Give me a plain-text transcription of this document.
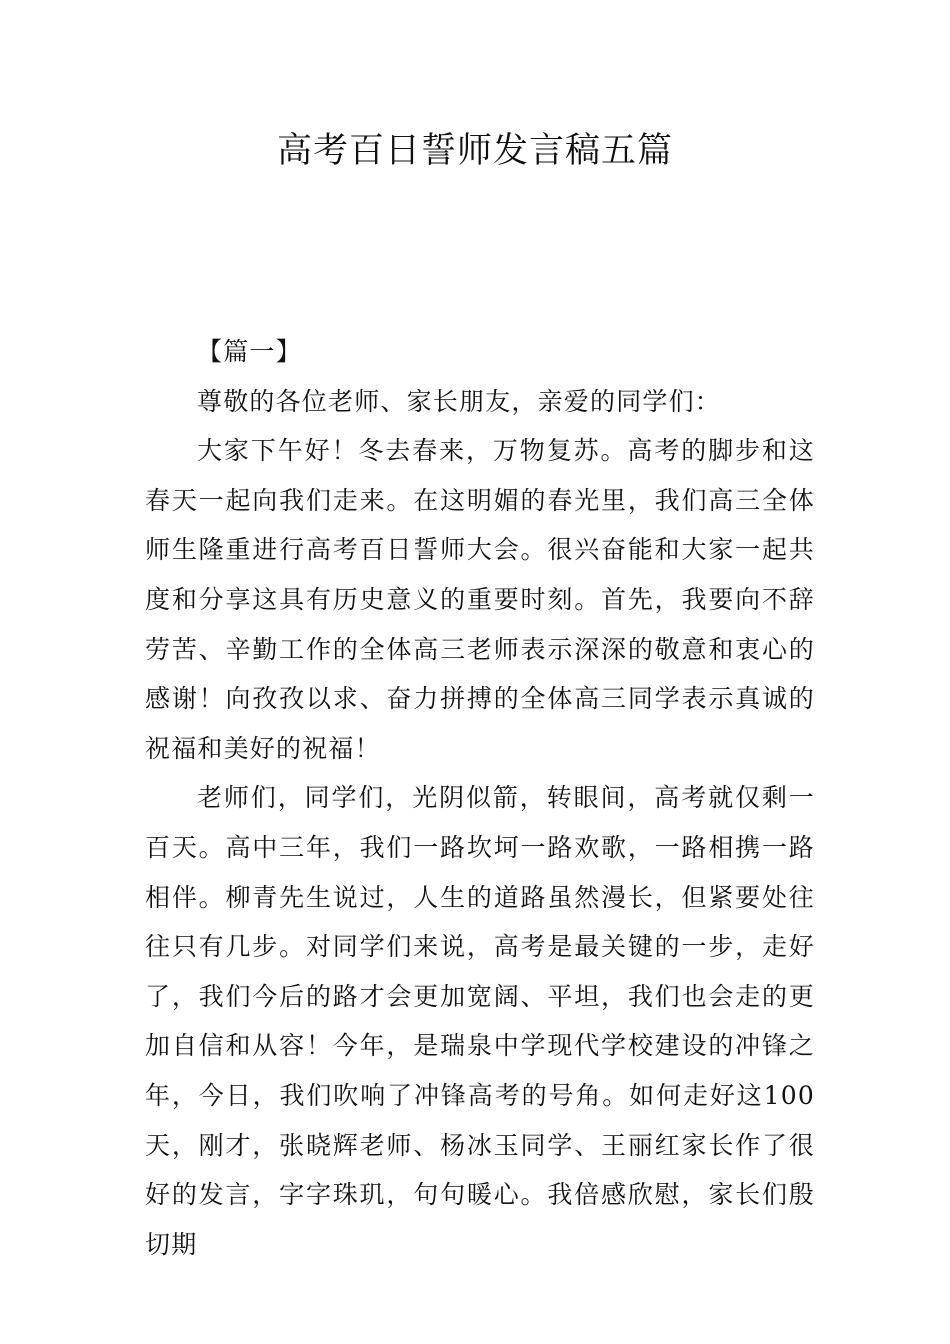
高考百日誓师发言稿五篇

【篇一】

尊敬的各位老师、家长朋友，亲爱的同学们：

大家下午好！冬去春来，万物复苏。高考的脚步和这春天一起向我们走来。在这明媚的春光里，我们高三全体师生隆重进行高考百日誓师大会。很兴奋能和大家一起共度和分享这具有历史意义的重要时刻。首先，我要向不辞劳苦、辛勤工作的全体高三老师表示深深的敬意和衷心的感谢！向孜孜以求、奋力拼搏的全体高三同学表示真诚的祝福和美好的祝福！

老师们，同学们，光阴似箭，转眼间，高考就仅剩一百天。高中三年，我们一路坎坷一路欢歌，一路相携一路相伴。柳青先生说过，人生的道路虽然漫长，但紧要处往往只有几步。对同学们来说，高考是最关键的一步，走好了，我们今后的路才会更加宽阔、平坦，我们也会走的更加自信和从容！今年，是瑞泉中学现代学校建设的冲锋之年，今日，我们吹响了冲锋高考的号角。如何走好这100天，刚才，张晓辉老师、杨冰玉同学、王丽红家长作了很好的发言，字字珠玑，句句暖心。我倍感欣慰，家长们殷切期
